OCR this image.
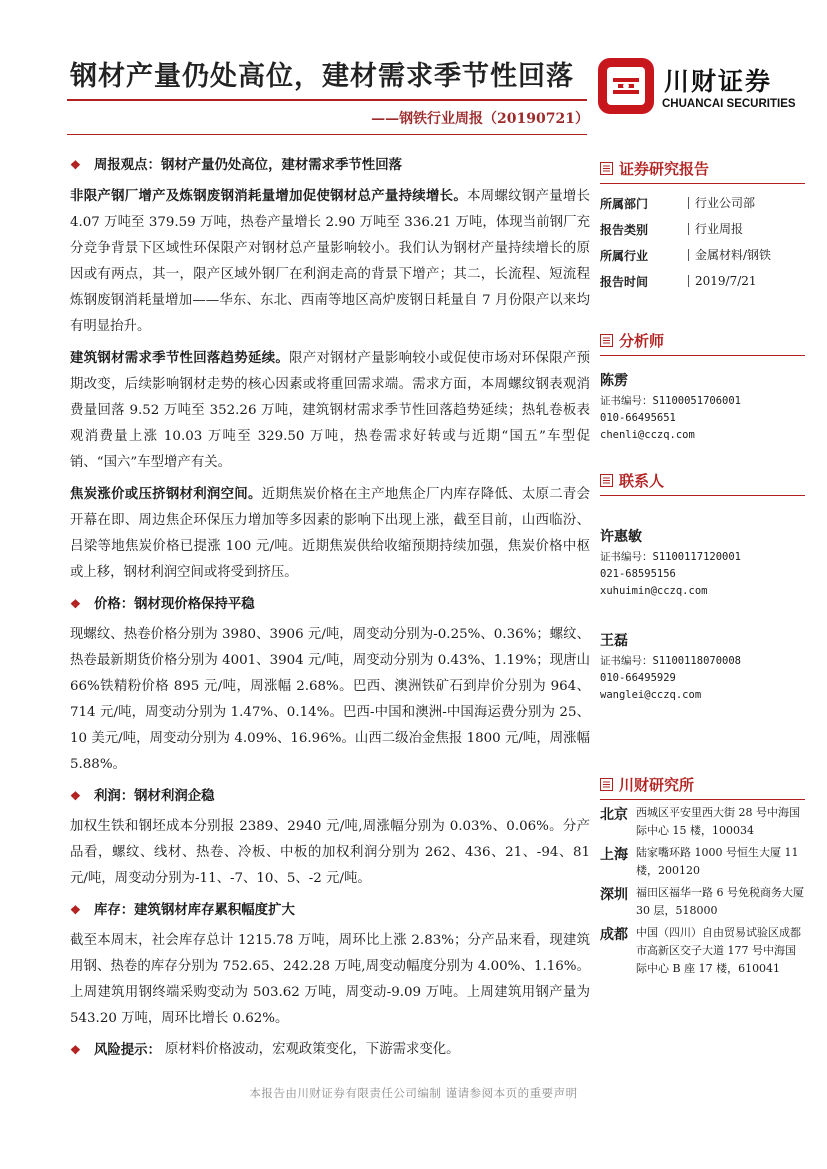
钢材产量仍处高位，建材需求季节性回落
——钢铁行业周报（20190721）
川财证券
CHUANCAI SECURITIES
❖ 周报观点：钢材产量仍处高位，建材需求季节性回落

非限产钢厂增产及炼钢废钢消耗量增加促使钢材总产量持续增长。本周螺纹钢产量增长 4.07 万吨至 379.59 万吨，热卷产量增长 2.90 万吨至 336.21 万吨，体现当前钢厂充分竞争背景下区域性环保限产对钢材总产量影响较小。我们认为钢材产量持续增长的原因或有两点，其一，限产区域外钢厂在利润走高的背景下增产；其二，长流程、短流程炼钢废钢消耗量增加——华东、东北、西南等地区高炉废钢日耗量自 7 月份限产以来均有明显抬升。

建筑钢材需求季节性回落趋势延续。限产对钢材产量影响较小或促使市场对环保限产预期改变，后续影响钢材走势的核心因素或将重回需求端。需求方面，本周螺纹钢表观消费量回落 9.52 万吨至 352.26 万吨，建筑钢材需求季节性回落趋势延续；热轧卷板表观消费量上涨 10.03 万吨至 329.50 万吨，热卷需求好转或与近期“国五”车型促销、“国六”车型增产有关。

焦炭涨价或压挤钢材利润空间。近期焦炭价格在主产地焦企厂内库存降低、太原二青会开幕在即、周边焦企环保压力增加等多因素的影响下出现上涨，截至目前，山西临汾、吕梁等地焦炭价格已提涨 100 元/吨。近期焦炭供给收缩预期持续加强，焦炭价格中枢或上移，钢材利润空间或将受到挤压。

❖ 价格：钢材现价格保持平稳

现螺纹、热卷价格分别为 3980、3906 元/吨，周变动分别为-0.25%、0.36%；螺纹、热卷最新期货价格分别为 4001、3904 元/吨，周变动分别为 0.43%、1.19%；现唐山 66%铁精粉价格 895 元/吨，周涨幅 2.68%。巴西、澳洲铁矿石到岸价分别为 964、714 元/吨，周变动分别为 1.47%、0.14%。巴西-中国和澳洲-中国海运费分别为 25、10 美元/吨，周变动分别为 4.09%、16.96%。山西二级冶金焦报 1800 元/吨，周涨幅 5.88%。

❖ 利润：钢材利润企稳

加权生铁和钢坯成本分别报 2389、2940 元/吨,周涨幅分别为 0.03%、0.06%。分产品看，螺纹、线材、热卷、冷板、中板的加权利润分别为 262、436、21、-94、81 元/吨，周变动分别为-11、-7、10、5、-2 元/吨。

❖ 库存：建筑钢材库存累积幅度扩大

截至本周末，社会库存总计 1215.78 万吨，周环比上涨 2.83%；分产品来看，现建筑用钢、热卷的库存分别为 752.65、242.28 万吨,周变动幅度分别为 4.00%、1.16%。上周建筑用钢终端采购变动为 503.62 万吨，周变动-9.09 万吨。上周建筑用钢产量为 543.20 万吨，周环比增长 0.62%。

❖ 风险提示： 原材料价格波动，宏观政策变化，下游需求变化。
证券研究报告
所属部门	行业公司部
报告类别	行业周报
所属行业	金属材料/钢铁
报告时间	2019/7/21
分析师
陈雳
证书编号：S1100051706001
010-66495651
chenli@cczq.com
联系人
许惠敏
证书编号：S1100117120001
021-68595156
xuhuimin@cczq.com
王磊
证书编号：S1100118070008
010-66495929
wanglei@cczq.com
川财研究所
北京 西城区平安里西大街 28 号中海国际中心 15 楼，100034
上海 陆家嘴环路 1000 号恒生大厦 11 楼，200120
深圳 福田区福华一路 6 号免税商务大厦 30 层，518000
成都 中国（四川）自由贸易试验区成都市高新区交子大道 177 号中海国际中心 B 座 17 楼，610041
本报告由川财证券有限责任公司编制 谨请参阅本页的重要声明
